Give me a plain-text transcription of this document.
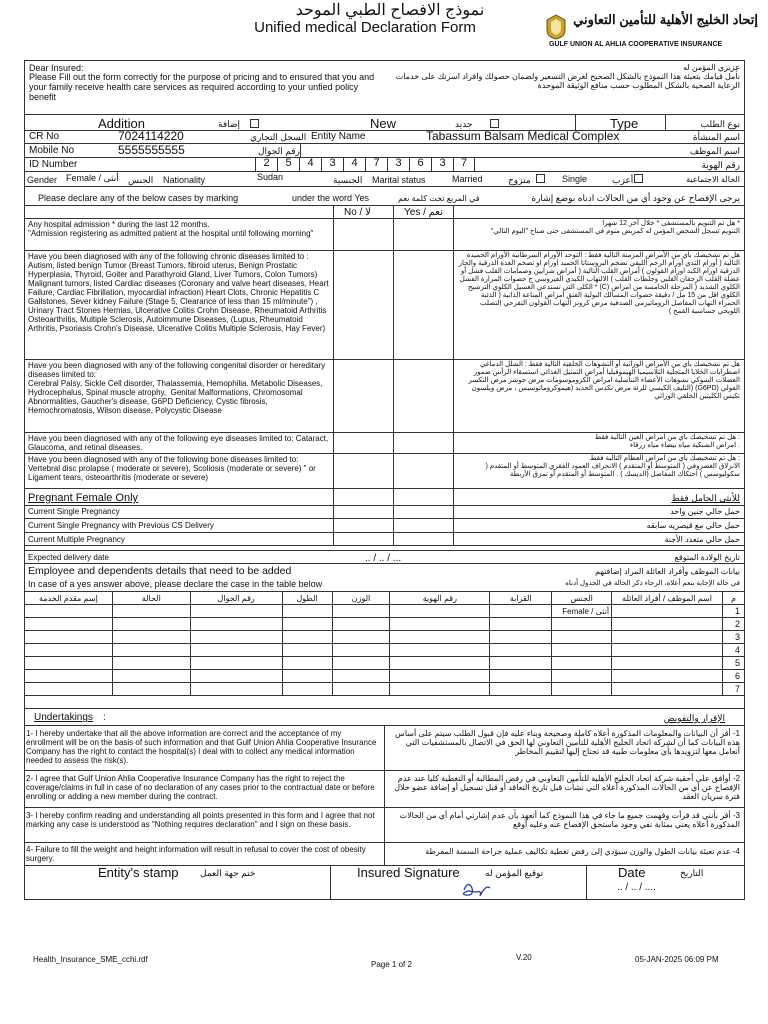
إتحاد الخليج الأهلية للتأمين التعاوني
GULF UNION AL AHLIA COOPERATIVE INSURANCE
نموذج الافصاح الطبي الموحد
Unified medical Declaration Form
Dear Insured:
Please Fill out the form correctly for the purpose of pricing and to ensured that you and your family receive health care services as required according to your unfied policy benefit
عزيزي المؤمن له
نأمل قيامك بتعبئة هذا النموذج بالشكل الصحيح لغرض التسعير ولضمان حصولك وافراد اسرتك على خدمات الرعاية الصحية بالشكل المطلوب حسب منافع الوثيقة الموحدة
Addition	إضافة	New	جديد	Type	نوع الطلب
CR No	7024114220	السجل التجاري Entity Name	Tabassum Balsam Medical Complex	اسم المنشأة
Mobile No	5555555555	رقم الجوال	اسم الموظف
ID Number	2	5	4	3	4	7	3	6	3	7	رقم الهوية
Gender Female / أنثى الجنس Nationality	Sudan	الجنسية Marital status	Married	متزوج	Single	أعزب	الحالة الاجتماعية
Please declare any of the below cases by marking	under the word Yes	في المربع تحت كلمة نعم	يرجى الإفصاح عن وجود أي من الحالات ادناه بوضع إشارة
No / لا	Yes / نعم
Any hospital admission * during the last 12 months.
"Admission registering as admitted patient at the hospital until following morning"
* هل تم التنويم بالمستشفى * خلال آخر 12 شهرا
التنويم تسجل الشخص المؤمن له كمريض منوم في المستشفى حتى صباح "اليوم التالي"
Have you been diagnosed with any of the following chronic diseases limited to : Autism, listed benign Tumor (Breast Tumors, fibroid uterus, Benign Prostatic Hyperplasia, Thyroid, Goiter and Parathyroid Gland, Liver Tumors, Colon Tumors) Malignant tumors, listed Cardiac diseases (Coronary and valve heart diseases, Heart Failure, Cardiac Fibrillation, myocardial infraction) Heart Clots, Chronic Hepatitis C Gallstones, Sever kidney Failure (Stage 5, Clearance of less than 15 ml/minute") , Urinary Tract Stones Hernias, Ulcerative Colitis Crohn Disease, Rheumatoid Arthritis Osteoarthritis, Multiple Sclerosis, Autoimmune Diseases, (Lupus, Rheumatoid Arthritis, Psoriasis Crohn's Disease, Ulcerative Colitis Multiple Sclerosis, Hay Fever)
هل تم تشخيصك باي من الأمراض المزمنة التالية فقط : التوحد الأورام السرطانية الأورام الحميدة التالية ( أورام الثدي أورام الرحم الليفي تضخم البروستاتا الحميد اورام او تضخم الغدة الدرقية والجار الدرقية اورام الكبد اورام القولون ) أمراض القلب التالية ( أمراض شرايين وصمامات القلب فشل أو عضلة القلب الرجفان القلبي وجلطات القلب ) الالتهاب الكبدي الفيروسي ج حصوات المرارة الفشل الكلوي الشديد ( المرحلة الخامسة من امراض (C) * الكلى التي تستدعي الغسيل الكلوي الترشيح الكلوي اقل من 15 مل / دقيقة حصوات المسالك البولية الفتق أمراض المناعة الذاتية ( الذئبة الحمراء التهاب المفاصل الروماتيزمي الصدفية مرض كرونز التهاب القولون التقرحي التصلب اللويحي حساسية القمح )
Have you been diagnosed with any of the following congenital disorder or hereditary diseases limited to:
Cerebral Palsy, Sickle Cell disorder, Thalassemia, Hemophilia. Metabolic Diseases, Hydrocephalus, Spinal muscle atrophy,  Genital Malformations, Chromosomal Abnormalities, Gaucher's disease, G6PD Deficiency, Cystic fibrosis, Hemochromatosis, Wilson disease, Polycystic Disease
هل تم تشخيصك باي من الأمراض الوراثية أو التشوهات الخلقية التالية فقط : الشلل الدماغي اضطرابات الخلايا المنجلية الثلاسيميا الهيموفيليا أمراض التمثيل الغذائي استسقاء الرأس ضمور العضلات الشوكي تشوهات الأعضاء التناسلية امراض الكروموسومات مرض جوشر مرض التكسر الفولي (G6PD) (التليف الكيسي للرئة مرض تكدس الحديد (هيموكروماتوسيس ، مرض ويلسون تكيس الكليتين الخلقي الوراثي
Have you been diagnosed with any of the following eye diseases limited to: Cataract, Glaucoma, and retinal diseases.
: هل تم تشخيصك باي من امراض العين التالية فقط
. امراض الشبكية مياه بيضاء مياه زرقاء
Have you been diagnosed with any of the following bone diseases limited to: Vertebral disc prolapse ( moderate or severe), Scoliosis (moderate or severe) " or Ligament tears, osteoarthritis (moderate or severe)
: هل تم تشخيصك باي من امراض العظام التالية فقط
الانزلاق الغضروفي ( المتوسط أو المتقدم ) الانحراف العمود الفقري المتوسط أو المتقدم ( سكوليوسس ) احتكاك المفاصل (الديسك ) . المتوسط أو المتقدم أو تمزق الأربطة
Pregnant Female Only	للأنثى الحامل فقط
Current Single Pregnancy	حمل حالي جنين واحد
Current Single Pregnancy with Previous CS Delivery	حمل حالي مع قيصريه سابقه
Current Multiple Pregnancy	حمل حالي متعدد الأجنة
Expected delivery date	.. / .. / ...	تاريخ الولادة المتوقع
Employee and dependents details that need to be added	بيانات الموظف وأفراد العائلة المراد إضافتهم
In case of a yes answer above, please declare the case in the table below	في حالة الإجابة بنعم أعلاه، الرجاء ذكر الحالة في الجدول أدناه
إسم مقدم الخدمة	الحالة	رقم الجوال	الطول	الوزن	رقم الهوية	القرابة	الجنس	اسم الموظف / أفراد العائلة	م
							Female / أنثى		1
									2
									3
									4
									5
									6
									7
Undertakings :	الإقرار والتفويض
1- I hereby undertake that all the above information are correct and the acceptance of my enrollment will be on the basis of such information and that Gulf Union Ahlia Cooperative Insurance Company has the right to contact the hospital(s) I deal with to collect any medical information needed to assess the risk(s).
1- أقر أن البيانات والمعلومات المذكورة أعلاه كاملة وصحيحة وبناء عليه فإن قبول الطلب سيتم على أساس هذه البيانات كما أن لشركة اتحاد الخليج الأهلية للتأمين التعاوني لها الحق في الاتصال بالمستشفيات التي أتعامل معها لتزويدها بأي معلومات طبية قد تحتاج إليها لتقييم المخاطر
2- I agree that Gulf Union Ahlia Cooperative Insurance Company has the right to reject the coverage/claims in full in case of no declaration of any cases prior to the contractual date or before enrolling or adding a new member during the contract.
2- أوافق على أحقية شركة اتحاد الخليج الأهلية للتأمين التعاوني في رفض المطالبة أو التغطية كليا عند عدم الإفصاح عن أي من الحالات المذكورة أعلاه التي نشأت قبل تاريخ التعاقد أو قبل تسجيل أو إضافة عضو خلال فترة سريان العقد
3- I hereby confirm reading and understanding all points presented in this form and I agree that not marking any case is understood as "Nothing requires declaration" and I sign on these basis.
3- أقر بأنني قد قرأت وفهمت جميع ما جاء في هذا النموذج كما أتعهد بأن عدم إشارتي أمام أي من الحالات المذكورة أعلاه يعني بمثابة نفي وجود ماستحق الإفصاح عنه وعليه أوقع
4- Failure to fill the weight and height information will result in refusal to cover the cost of obesity surgery.
4- عدم تعبئة بيانات الطول والوزن سيؤدي إلى رفض تغطية تكاليف عملية جراحة السمنة المفرطة
Entity's stamp ختم جهة العمل	Insured Signature	توقيع المؤمن له	Date	التاريخ
.. / .. / ....
Health_Insurance_SME_cchi.rdf	V.20
Page 1 of 2
05-JAN-2025 06:09 PM
